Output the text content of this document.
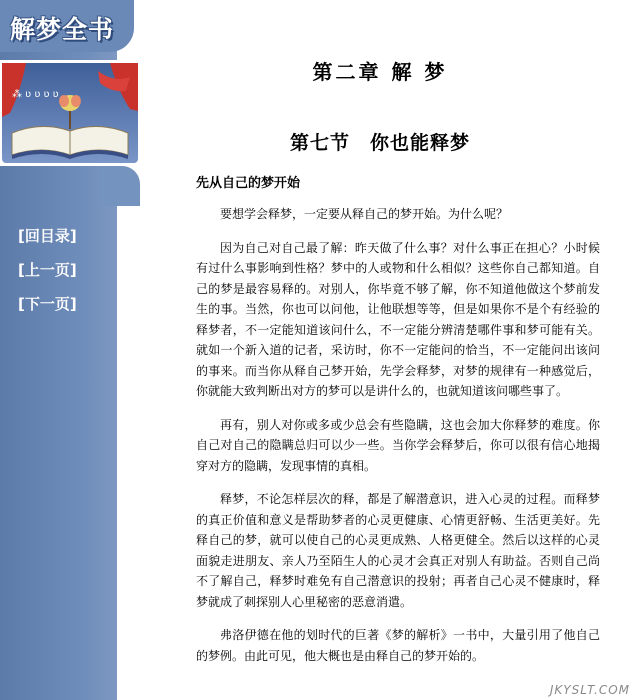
解梦全书
⁂ ʋ ʋ ʋ ʋ
[回目录]
[上一页]
[下一页]
第二章 解 梦
第七节　你也能释梦
先从自己的梦开始

要想学会释梦，一定要从释自己的梦开始。为什么呢？

因为自己对自己最了解：昨天做了什么事？对什么事正在担心？小时候有过什么事影响到性格？梦中的人或物和什么相似？这些你自己都知道。自己的梦是最容易释的。对别人，你毕竟不够了解，你不知道他做这个梦前发生的事。当然，你也可以问他，让他联想等等，但是如果你不是个有经验的释梦者，不一定能知道该问什么，不一定能分辨清楚哪件事和梦可能有关。就如一个新入道的记者，采访时，你不一定能问的恰当，不一定能问出该问的事来。而当你从释自己梦开始，先学会释梦，对梦的规律有一种感觉后，你就能大致判断出对方的梦可以是讲什么的，也就知道该问哪些事了。

再有，别人对你或多或少总会有些隐瞒，这也会加大你释梦的难度。你自己对自己的隐瞒总归可以少一些。当你学会释梦后，你可以很有信心地揭穿对方的隐瞒，发现事情的真相。

释梦，不论怎样层次的释，都是了解潜意识，进入心灵的过程。而释梦的真正价值和意义是帮助梦者的心灵更健康、心情更舒畅、生活更美好。先释自己的梦，就可以使自己的心灵更成熟、人格更健全。然后以这样的心灵面貌走进朋友、亲人乃至陌生人的心灵才会真正对别人有助益。否则自己尚不了解自己，释梦时难免有自己潜意识的投射；再者自己心灵不健康时，释梦就成了刺探别人心里秘密的恶意消遣。

弗洛伊德在他的划时代的巨著《梦的解析》一书中，大量引用了他自己的梦例。由此可见，他大概也是由释自己的梦开始的。

JKYSLT.COM
